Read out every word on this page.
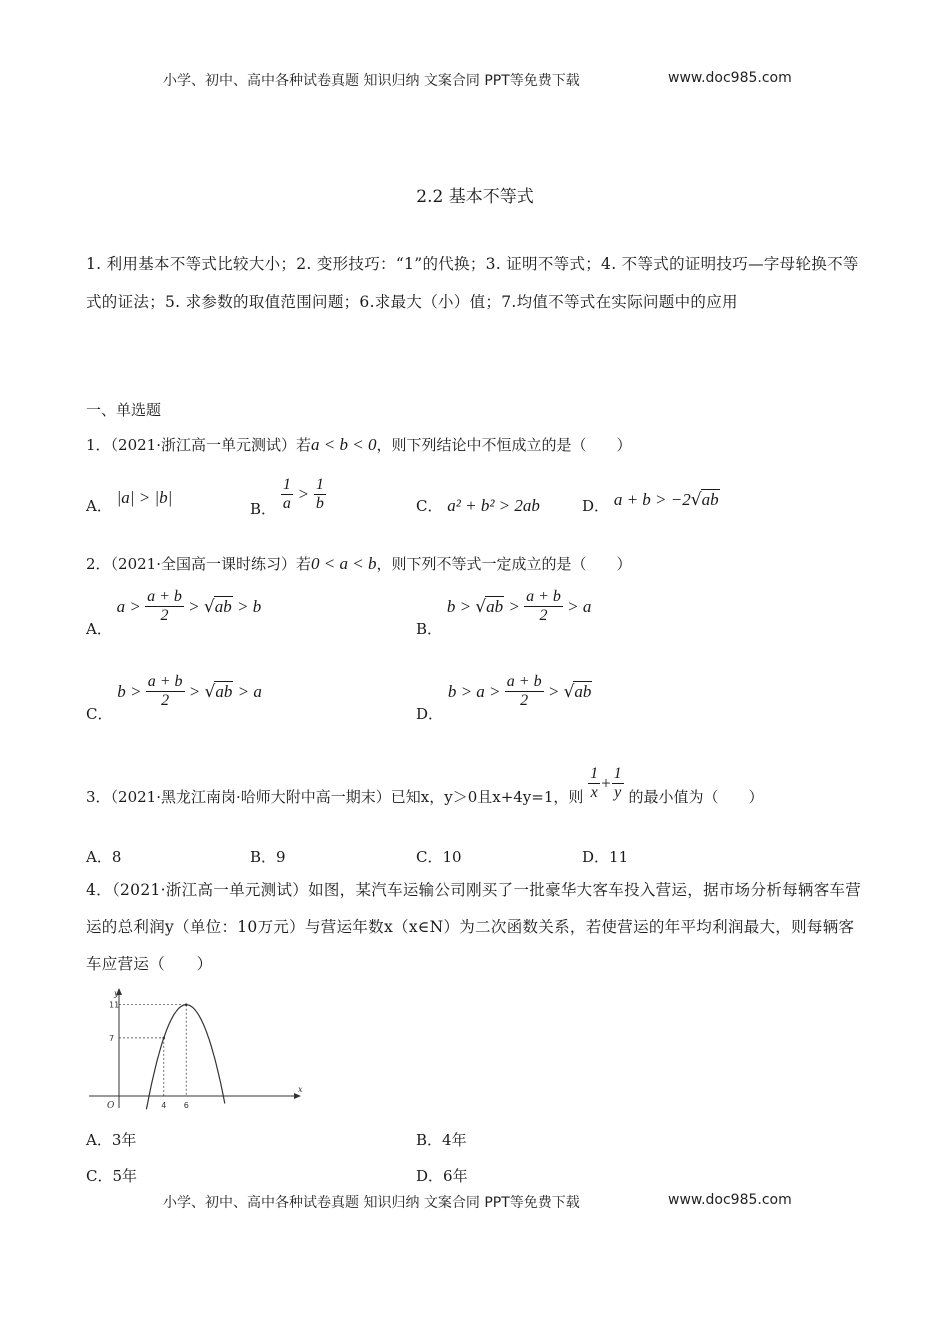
小学、初中、高中各种试卷真题 知识归纳 文案合同 PPT等免费下载	www.doc985.com
2.2 基本不等式
1. 利用基本不等式比较大小；2. 变形技巧：“1”的代换；3. 证明不等式；4. 不等式的证明技巧—字母轮换不等式的证法；5. 求参数的取值范围问题；6.求最大（小）值；7.均值不等式在实际问题中的应用
一、单选题
1．（2021·浙江高一单元测试）若a < b < 0，则下列结论中不恒成立的是（　　）
A． |a| > |b|
B． $\frac{1}{a} > \frac{1}{b}$	C． a² + b² > 2ab	D． a + b > −2√ab
2．（2021·全国高一课时练习）若0 < a < b，则下列不等式一定成立的是（　　）
A． $a > \frac{a + b}{2} > √ab > b$
B． $b > √ab > \frac{a + b}{2} > a$
C． $b > \frac{a + b}{2} > √ab > a$
D． $b > a > \frac{a + b}{2} > √ab$
3．（2021·黑龙江南岗·哈师大附中高一期末）已知x，y＞0且x+4y=1，则 $\frac{1}{x} + \frac{1}{y}$ 的最小值为（　　）
A．8	B．9	C．10	D．11
4．（2021·浙江高一单元测试）如图，某汽车运输公司刚买了一批豪华大客车投入营运，据市场分析每辆客车营运的总利润y（单位：10万元）与营运年数x（x∈N）为二次函数关系，若使营运的年平均利润最大，则每辆客车应营运（　　）
x
y
O	4
7
6
11
A．3年	B．4年
C．5年	D．6年
小学、初中、高中各种试卷真题 知识归纳 文案合同 PPT等免费下载	www.doc985.com
